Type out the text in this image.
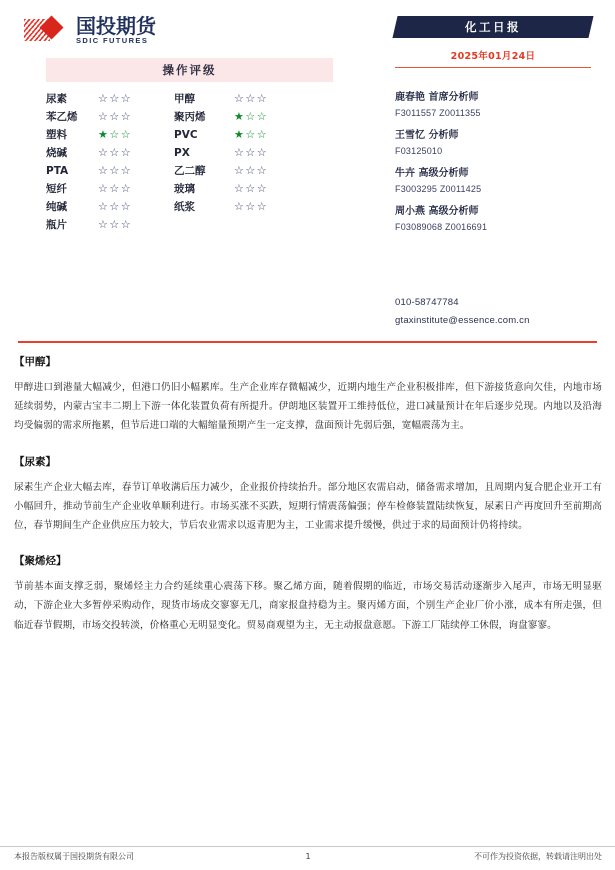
国投期货
SDIC FUTURES
操作评级
尿素	☆☆☆	甲醇	☆☆☆
苯乙烯	☆☆☆	聚丙烯	★☆☆
塑料	★☆☆	PVC	★☆☆
烧碱	☆☆☆	PX	☆☆☆
PTA	☆☆☆	乙二醇	☆☆☆
短纤	☆☆☆	玻璃	☆☆☆
纯碱	☆☆☆	纸浆	☆☆☆
瓶片	☆☆☆
化工日报
2025年01月24日
鹿春艳 首席分析师
F3011557 Z0011355
王雪忆 分析师
F03125010
牛卉 高级分析师
F3003295 Z0011425
周小燕 高级分析师
F03089068 Z0016691
010-58747784
gtaxinstitute@essence.com.cn
【甲醇】
甲醇进口到港量大幅减少，但港口仍旧小幅累库。生产企业库存微幅减少，近期内地生产企业积极排库，但下游接货意向欠佳，内地市场延续弱势，内蒙古宝丰二期上下游一体化装置负荷有所提升。伊朗地区装置开工维持低位，进口减量预计在年后逐步兑现。内地以及沿海均受偏弱的需求所拖累，但节后进口端的大幅缩量预期产生一定支撑，盘面预计先弱后强，宽幅震荡为主。
【尿素】
尿素生产企业大幅去库，春节订单收满后压力减少，企业报价持续抬升。部分地区农需启动，储备需求增加，且周期内复合肥企业开工有小幅回升，推动节前生产企业收单顺利进行。市场买涨不买跌，短期行情震荡偏强；停车检修装置陆续恢复，尿素日产再度回升至前期高位，春节期间生产企业供应压力较大，节后农业需求以返青肥为主，工业需求提升缓慢，供过于求的局面预计仍将持续。
【聚烯烃】
节前基本面支撑乏弱，聚烯烃主力合约延续重心震荡下移。聚乙烯方面，随着假期的临近，市场交易活动逐渐步入尾声，市场无明显驱动，下游企业大多暂停采购动作，现货市场成交寥寥无几，商家报盘持稳为主。聚丙烯方面，个别生产企业厂价小涨，成本有所走强，但临近春节假期，市场交投转淡，价格重心无明显变化。贸易商观望为主，无主动报盘意愿。下游工厂陆续停工休假，询盘寥寥。
本报告版权属于国投期货有限公司	1	不可作为投资依据，转载请注明出处
